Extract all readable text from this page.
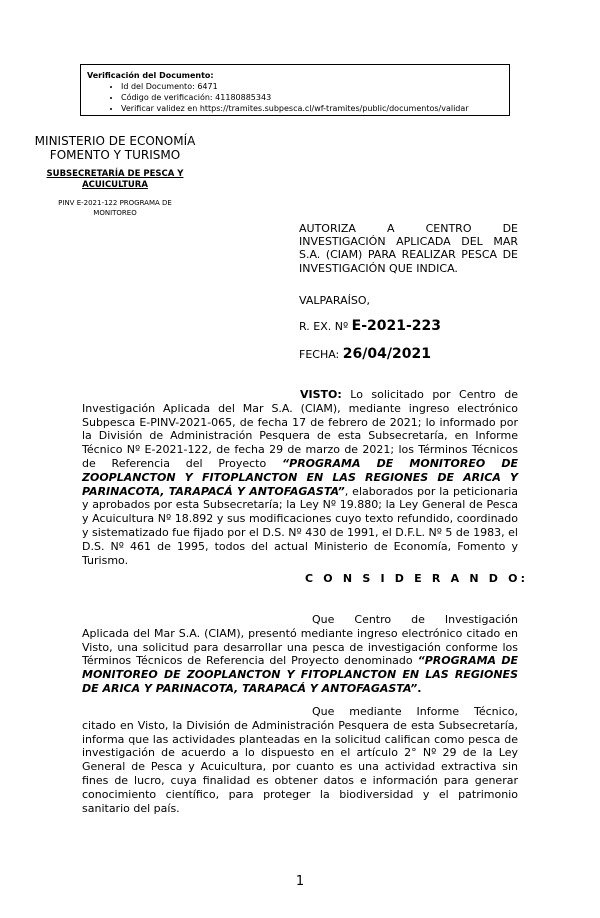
Verificación del Documento:
• Id del Documento: 6471
• Código de verificación: 41180885343
• Verificar validez en https://tramites.subpesca.cl/wf-tramites/public/documentos/validar
MINISTERIO DE ECONOMÍA
FOMENTO Y TURISMO
SUBSECRETARÍA DE PESCA Y
ACUICULTURA
PINV E-2021-122 PROGRAMA DE
MONITOREO
AUTORIZA A CENTRO DE INVESTIGACIÓN APLICADA DEL MAR S.A. (CIAM) PARA REALIZAR PESCA DE INVESTIGACIÓN QUE INDICA.
VALPARAÍSO,
R. EX. Nº E-2021-223
FECHA: 26/04/2021
VISTO: Lo solicitado por Centro de Investigación Aplicada del Mar S.A. (CIAM), mediante ingreso electrónico Subpesca E-PINV-2021-065, de fecha 17 de febrero de 2021; lo informado por la División de Administración Pesquera de esta Subsecretaría, en Informe Técnico Nº E-2021-122, de fecha 29 de marzo de 2021; los Términos Técnicos de Referencia del Proyecto “PROGRAMA DE MONITOREO DE ZOOPLANCTON Y FITOPLANCTON EN LAS REGIONES DE ARICA Y PARINACOTA, TARAPACÁ Y ANTOFAGASTA”, elaborados por la peticionaria y aprobados por esta Subsecretaría; la Ley Nº 19.880; la Ley General de Pesca y Acuicultura Nº 18.892 y sus modificaciones cuyo texto refundido, coordinado y sistematizado fue fijado por el D.S. Nº 430 de 1991, el D.F.L. Nº 5 de 1983, el D.S. Nº 461 de 1995, todos del actual Ministerio de Economía, Fomento y Turismo.
C O N S I D E R A N D O:
Que Centro de Investigación Aplicada del Mar S.A. (CIAM), presentó mediante ingreso electrónico citado en Visto, una solicitud para desarrollar una pesca de investigación conforme los Términos Técnicos de Referencia del Proyecto denominado “PROGRAMA DE MONITOREO DE ZOOPLANCTON Y FITOPLANCTON EN LAS REGIONES DE ARICA Y PARINACOTA, TARAPACÁ Y ANTOFAGASTA”.
Que mediante Informe Técnico, citado en Visto, la División de Administración Pesquera de esta Subsecretaría, informa que las actividades planteadas en la solicitud califican como pesca de investigación de acuerdo a lo dispuesto en el artículo 2° Nº 29 de la Ley General de Pesca y Acuicultura, por cuanto es una actividad extractiva sin fines de lucro, cuya finalidad es obtener datos e información para generar conocimiento científico, para proteger la biodiversidad y el patrimonio sanitario del país.
1
